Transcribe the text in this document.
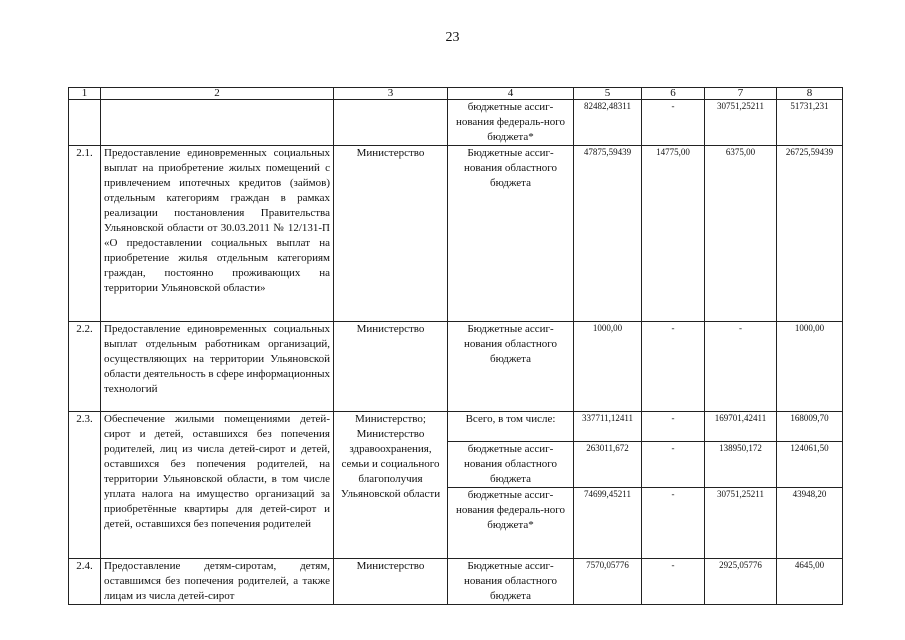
23
1	2	3	4	5	6	7	8
			бюджетные ассиг-нования федераль-ного бюджета*	82482,48311	-	30751,25211	51731,231
2.1.	Предоставление единовременных социальных выплат на приобретение жилых помещений с привлечением ипотечных кредитов (займов) отдельным категориям граждан в рамках реализации постановления Правительства Ульяновской области от 30.03.2011 № 12/131-П «О предоставлении социальных выплат на приобретение жилья отдельным категориям граждан, постоянно проживающих на территории Ульяновской области»	Министерство	Бюджетные ассиг-нования областного бюджета	47875,59439	14775,00	6375,00	26725,59439
2.2.	Предоставление единовременных социальных выплат отдельным работникам организаций, осуществляющих на территории Ульяновской области деятельность в сфере информационных технологий	Министерство	Бюджетные ассиг-нования областного бюджета	1000,00	-	-	1000,00
2.3.	Обеспечение жилыми помещениями детей-сирот и детей, оставшихся без попечения родителей, лиц из числа детей-сирот и детей, оставшихся без попечения родителей, на территории Ульяновской области, в том числе уплата налога на имущество организаций за приобретённые квартиры для детей-сирот и детей, оставшихся без попечения родителей	Министерство; Министерство здравоохранения, семьи и социального благополучия Ульяновской области	Всего, в том числе:	337711,12411	-	169701,42411	168009,70
			бюджетные ассиг-нования областного бюджета	263011,672	-	138950,172	124061,50
			бюджетные ассиг-нования федераль-ного бюджета*	74699,45211	-	30751,25211	43948,20
2.4.	Предоставление детям-сиротам, детям, оставшимся без попечения родителей, а также лицам из числа детей-сирот	Министерство	Бюджетные ассиг-нования областного бюджета	7570,05776	-	2925,05776	4645,00
